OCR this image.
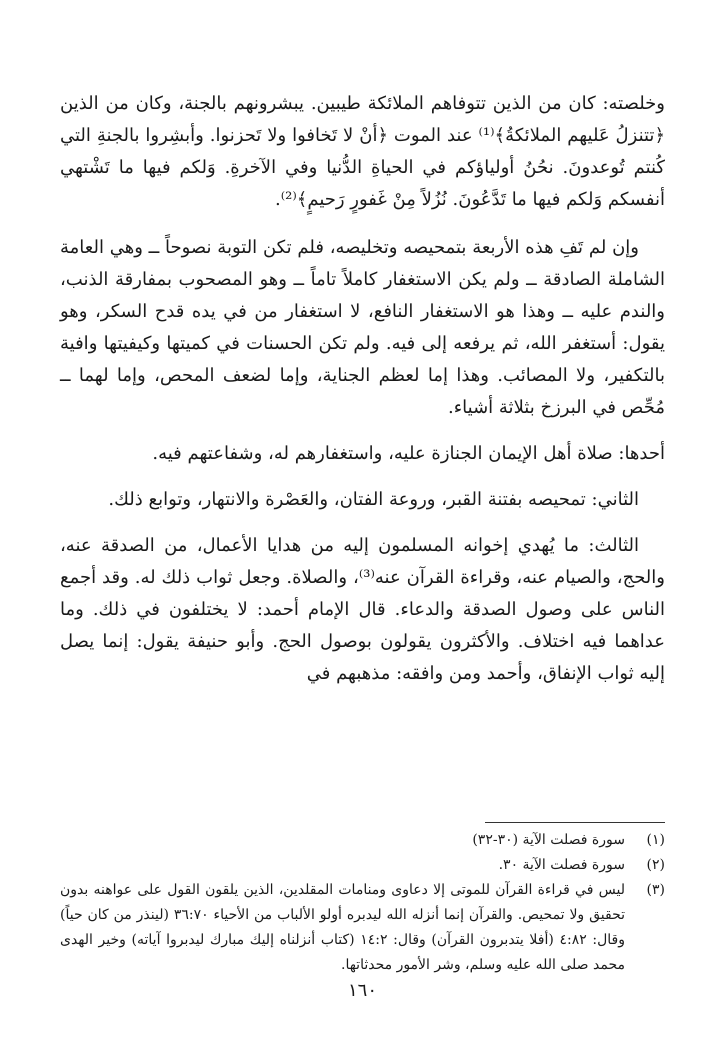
وخلصته: كان من الذين تتوفاهم الملائكة طيبين. يبشرونهم بالجنة، وكان من الذين ﴿تتنزلُ عَليهم الملائكةُ﴾⁽¹⁾ عند الموت ﴿أنْ لا تَخافوا ولا تَحزنوا. وأبشِروا بالجنةِ التي كُنتم تُوعدونَ. نحُنُ أولياؤكم في الحياةِ الدُّنيا وفي الآخرةِ. وَلكم فيها ما تَشْتهي أنفسكم وَلكم فيها ما تَدَّعُونَ. نُزُلاً مِنْ غَفورٍ رَحيمٍ﴾⁽²⁾.

وإن لم تَفِ هذه الأربعة بتمحيصه وتخليصه، فلم تكن التوبة نصوحاً ــ وهي العامة الشاملة الصادقة ــ ولم يكن الاستغفار كاملاً تاماً ــ وهو المصحوب بمفارقة الذنب، والندم عليه ــ وهذا هو الاستغفار النافع، لا استغفار من في يده قدح السكر، وهو يقول: أستغفر الله، ثم يرفعه إلى فيه. ولم تكن الحسنات في كميتها وكيفيتها وافية بالتكفير، ولا المصائب. وهذا إما لعظم الجناية، وإما لضعف المحص، وإما لهما ــ مُحِّص في البرزخ بثلاثة أشياء.

أحدها: صلاة أهل الإيمان الجنازة عليه، واستغفارهم له، وشفاعتهم فيه.

الثاني: تمحيصه بفتنة القبر، وروعة الفتان، والعَصْرة والانتهار، وتوابع ذلك.

الثالث: ما يُهدي إخوانه المسلمون إليه من هدايا الأعمال، من الصدقة عنه، والحج، والصيام عنه، وقراءة القرآن عنه⁽³⁾، والصلاة. وجعل ثواب ذلك له. وقد أجمع الناس على وصول الصدقة والدعاء. قال الإمام أحمد: لا يختلفون في ذلك. وما عداهما فيه اختلاف. والأكثرون يقولون بوصول الحج. وأبو حنيفة يقول: إنما يصل إليه ثواب الإنفاق، وأحمد ومن وافقه: مذهبهم في

(١)
سورة فصلت الآية (٣٠-٣٢)
(٢)
سورة فصلت الآية ٣٠.
(٣)
ليس في قراءة القرآن للموتى إلا دعاوى ومنامات المقلدين، الذين يلقون القول على عواهنه بدون تحقيق ولا تمحيص. والقرآن إنما أنزله الله ليدبره أولو الألباب من الأحياء ٣٦:٧٠ (لينذر من كان حياً) وقال: ٤:٨٢ (أفلا يتدبرون القرآن) وقال: ١٤:٢ (كتاب أنزلناه إليك مبارك ليدبروا آياته) وخير الهدى محمد صلى الله عليه وسلم، وشر الأمور محدثاتها.
١٦٠
